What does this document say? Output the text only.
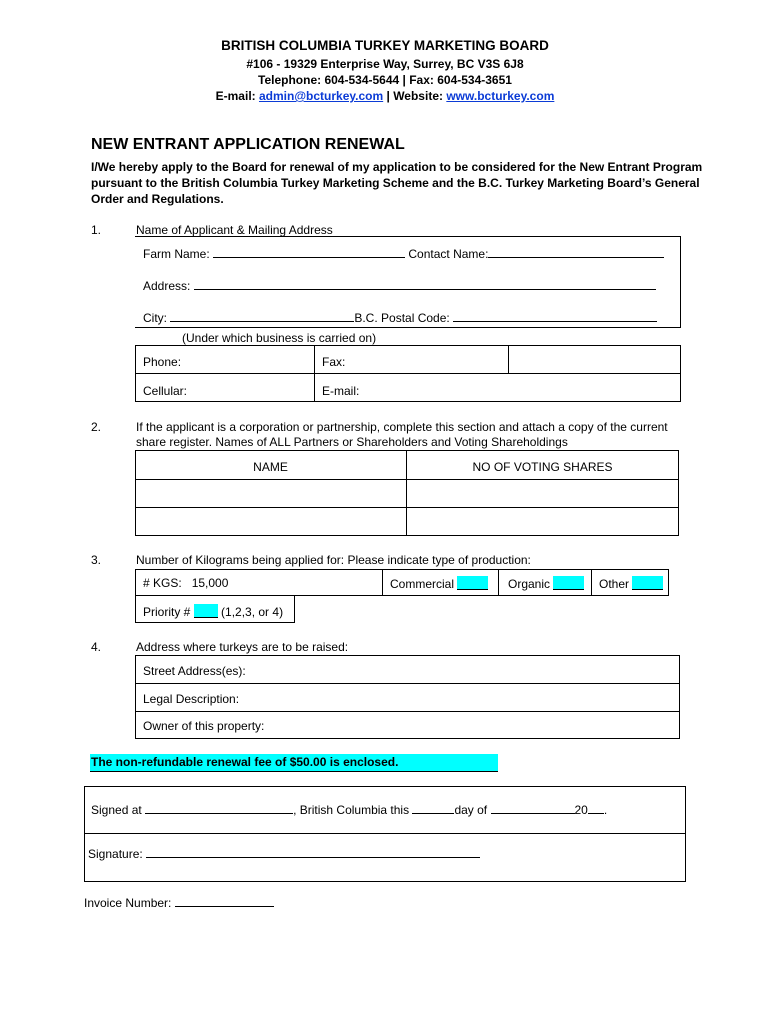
BRITISH COLUMBIA TURKEY MARKETING BOARD
#106 - 19329 Enterprise Way, Surrey, BC V3S 6J8
Telephone: 604-534-5644 | Fax: 604-534-3651
E-mail: admin@bcturkey.com | Website: www.bcturkey.com
NEW ENTRANT APPLICATION RENEWAL
I/We hereby apply to the Board for renewal of my application to be considered for the New Entrant Program
pursuant to the British Columbia Turkey Marketing Scheme and the B.C. Turkey Marketing Board’s General
Order and Regulations.
1.	Name of Applicant & Mailing Address
Farm Name:	Contact Name:
Address:
City:	B.C. Postal Code:
(Under which business is carried on)
Phone:	Fax:
Cellular:	E-mail:
2.	If the applicant is a corporation or partnership, complete this section and attach a copy of the current
share register. Names of ALL Partners or Shareholders and Voting Shareholdings
NAME	NO OF VOTING SHARES
3.	Number of Kilograms being applied for: Please indicate type of production:
# KGS: 15,000	Commercial	Organic	Other
Priority #	(1,2,3, or 4)
4.	Address where turkeys are to be raised:
Street Address(es):
Legal Description:
Owner of this property:
The non-refundable renewal fee of $50.00 is enclosed.
Signed at	, British Columbia this	day of	20 .
Signature:
Invoice Number:
